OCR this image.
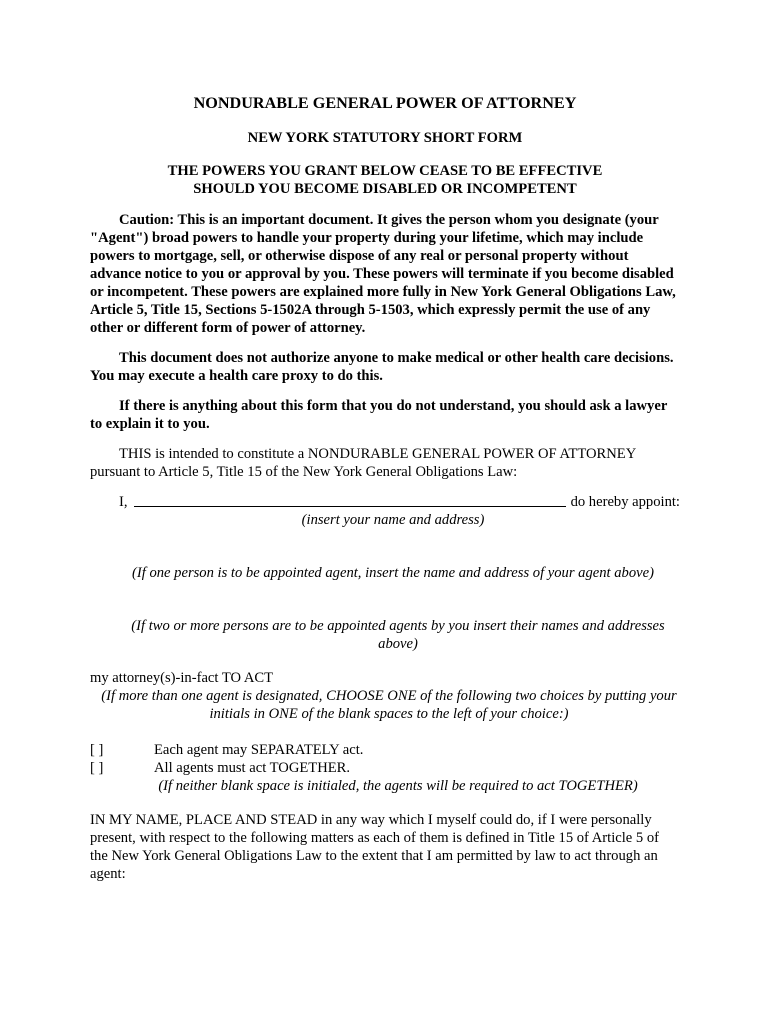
NONDURABLE GENERAL POWER OF ATTORNEY
NEW YORK STATUTORY SHORT FORM
THE POWERS YOU GRANT BELOW CEASE TO BE EFFECTIVE
SHOULD YOU BECOME DISABLED OR INCOMPETENT

Caution: This is an important document. It gives the person whom you designate (your "Agent") broad powers to handle your property during your lifetime, which may include powers to mortgage, sell, or otherwise dispose of any real or personal property without advance notice to you or approval by you. These powers will terminate if you become disabled or incompetent. These powers are explained more fully in New York General Obligations Law, Article 5, Title 15, Sections 5-1502A through 5-1503, which expressly permit the use of any other or different form of power of attorney.

This document does not authorize anyone to make medical or other health care decisions. You may execute a health care proxy to do this.

If there is anything about this form that you do not understand, you should ask a lawyer to explain it to you.

THIS is intended to constitute a NONDURABLE GENERAL POWER OF ATTORNEY pursuant to Article 5, Title 15 of the New York General Obligations Law:

I,	do hereby appoint:
(insert your name and address)
(If one person is to be appointed agent, insert the name and address of your agent above)
(If two or more persons are to be appointed agents by you insert their names and addresses above)
my attorney(s)-in-fact TO ACT
(If more than one agent is designated, CHOOSE ONE of the following two choices by putting your initials in ONE of the blank spaces to the left of your choice:)
[ ]	Each agent may SEPARATELY act.
[ ]	All agents must act TOGETHER.
(If neither blank space is initialed, the agents will be required to act TOGETHER)

IN MY NAME, PLACE AND STEAD in any way which I myself could do, if I were personally present, with respect to the following matters as each of them is defined in Title 15 of Article 5 of the New York General Obligations Law to the extent that I am permitted by law to act through an agent:
